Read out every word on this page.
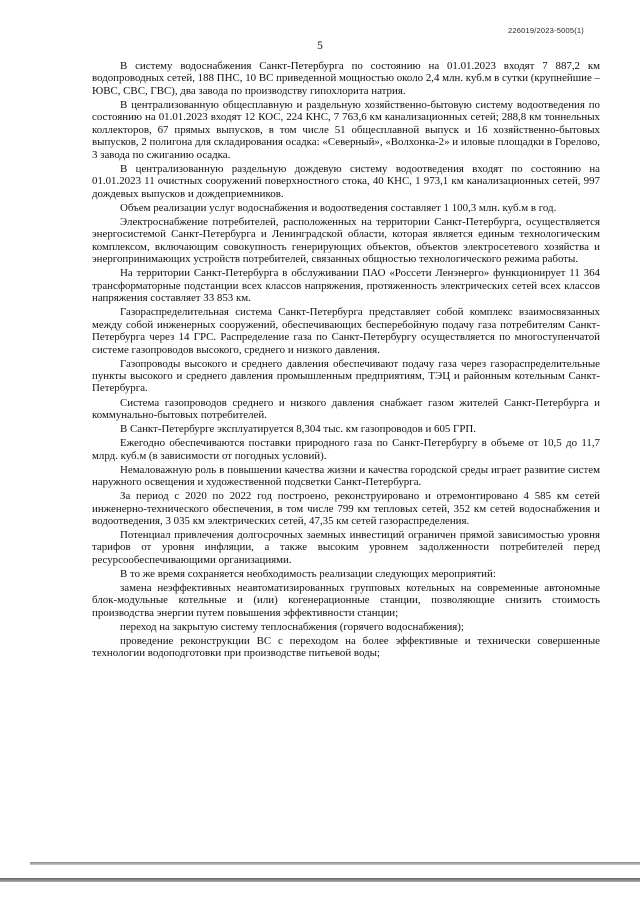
226019/2023-5005(1)
5

В систему водоснабжения Санкт-Петербурга по состоянию на 01.01.2023 входят 7 887,2 км водопроводных сетей, 188 ПНС, 10 ВС приведенной мощностью около 2,4 млн. куб.м в сутки (крупнейшие – ЮВС, СВС, ГВС), два завода по производству гипохлорита натрия.

В централизованную общесплавную и раздельную хозяйственно-бытовую систему водоотведения по состоянию на 01.01.2023 входят 12 КОС, 224 КНС, 7 763,6 км канализационных сетей; 288,8 км тоннельных коллекторов, 67 прямых выпусков, в том числе 51 общесплавной выпуск и 16 хозяйственно-бытовых выпусков, 2 полигона для складирования осадка: «Северный», «Волхонка-2» и иловые площадки в Горелово, 3 завода по сжиганию осадка.

В централизованную раздельную дождевую систему водоотведения входят по состоянию на 01.01.2023 11 очистных сооружений поверхностного стока, 40 КНС, 1 973,1 км канализационных сетей, 997 дождевых выпусков и дождеприемников.

Объем реализации услуг водоснабжения и водоотведения составляет 1 100,3 млн. куб.м в год.

Электроснабжение потребителей, расположенных на территории Санкт-Петербурга, осуществляется энергосистемой Санкт-Петербурга и Ленинградской области, которая является единым технологическим комплексом, включающим совокупность генерирующих объектов, объектов электросетевого хозяйства и энергопринимающих устройств потребителей, связанных общностью технологического режима работы.

На территории Санкт-Петербурга в обслуживании ПАО «Россети Ленэнерго» функционирует 11 364 трансформаторные подстанции всех классов напряжения, протяженность электрических сетей всех классов напряжения составляет 33 853 км.

Газораспределительная система Санкт-Петербурга представляет собой комплекс взаимосвязанных между собой инженерных сооружений, обеспечивающих бесперебойную подачу газа потребителям Санкт-Петербурга через 14 ГРС. Распределение газа по Санкт-Петербургу осуществляется по многоступенчатой системе газопроводов высокого, среднего и низкого давления.

Газопроводы высокого и среднего давления обеспечивают подачу газа через газораспределительные пункты высокого и среднего давления промышленным предприятиям, ТЭЦ и районным котельным Санкт-Петербурга.

Система газопроводов среднего и низкого давления снабжает газом жителей Санкт-Петербурга и коммунально-бытовых потребителей.

В Санкт-Петербурге эксплуатируется 8,304 тыс. км газопроводов и 605 ГРП.

Ежегодно обеспечиваются поставки природного газа по Санкт-Петербургу в объеме от 10,5 до 11,7 млрд. куб.м (в зависимости от погодных условий).

Немаловажную роль в повышении качества жизни и качества городской среды играет развитие систем наружного освещения и художественной подсветки Санкт-Петербурга.

За период с 2020 по 2022 год построено, реконструировано и отремонтировано 4 585 км сетей инженерно-технического обеспечения, в том числе 799 км тепловых сетей, 352 км сетей водоснабжения и водоотведения, 3 035 км электрических сетей, 47,35 км сетей газораспределения.

Потенциал привлечения долгосрочных заемных инвестиций ограничен прямой зависимостью уровня тарифов от уровня инфляции, а также высоким уровнем задолженности потребителей перед ресурсообеспечивающими организациями.

В то же время сохраняется необходимость реализации следующих мероприятий:

замена неэффективных неавтоматизированных групповых котельных на современные автономные блок-модульные котельные и (или) когенерационные станции, позволяющие снизить стоимость производства энергии путем повышения эффективности станции;

переход на закрытую систему теплоснабжения (горячего водоснабжения);

проведение реконструкции ВС с переходом на более эффективные и технически совершенные технологии водоподготовки при производстве питьевой воды;
